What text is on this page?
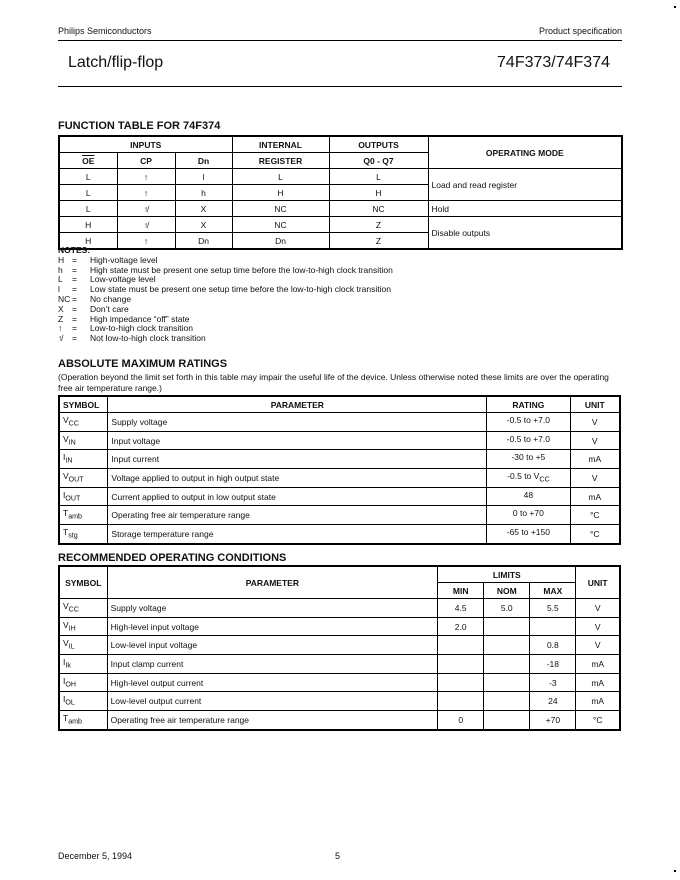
Philips Semiconductors	Product specification
Latch/flip-flop	74F373/74F374
FUNCTION TABLE FOR 74F374
INPUTS			INTERNAL	OUTPUTS	OPERATING MODE
$\overline{OE}$	CP	Dn	REGISTER	Q0 - Q7	
L	↑	l	L	L	Load and read register
L	↑	h	H	H	
L	↑̸	X	NC	NC	Hold
H	↑̸	X	NC	Z	Disable outputs
H	↑	Dn	Dn	Z	
NOTES:
H =	High-voltage level
h	=	High state must be present one setup time before the low-to-high clock transition
L	=	Low-voltage level
l	=	Low state must be present one setup time before the low-to-high clock transition
NC =	No change
X =	Don’t care
Z	=	High impedance “off” state
↑	=	Low-to-high clock transition
↑̸	=	Not low-to-high clock transition
ABSOLUTE MAXIMUM RATINGS
(Operation beyond the limit set forth in this table may impair the useful life of the device. Unless otherwise noted these limits are over the operating free air temperature range.)
SYMBOL	PARAMETER	RATING	UNIT
$V_{CC}$	Supply voltage	-0.5 to +7.0	V
$V_{IN}$	Input voltage	-0.5 to +7.0	V
$I_{IN}$	Input current	-30 to +5	mA
$V_{OUT}$	Voltage applied to output in high output state	-0.5 to $V_{CC}$	V
$I_{OUT}$	Current applied to output in low output state	48	mA
$T_{amb}$	Operating free air temperature range	0 to +70	°C
$T_{stg}$	Storage temperature range	-65 to +150	°C
RECOMMENDED OPERATING CONDITIONS
SYMBOL	PARAMETER	LIMITS			UNIT
		MIN	NOM	MAX	
$V_{CC}$	Supply voltage	4.5	5.0	5.5	V
$V_{IH}$	High-level input voltage	2.0			V
$V_{IL}$	Low-level input voltage			0.8	V
$I_{Ik}$	Input clamp current			-18	mA
$I_{OH}$	High-level output current			-3	mA
$I_{OL}$	Low-level output current			24	mA
$T_{amb}$	Operating free air temperature range	0		+70	°C
December 5, 1994	5
